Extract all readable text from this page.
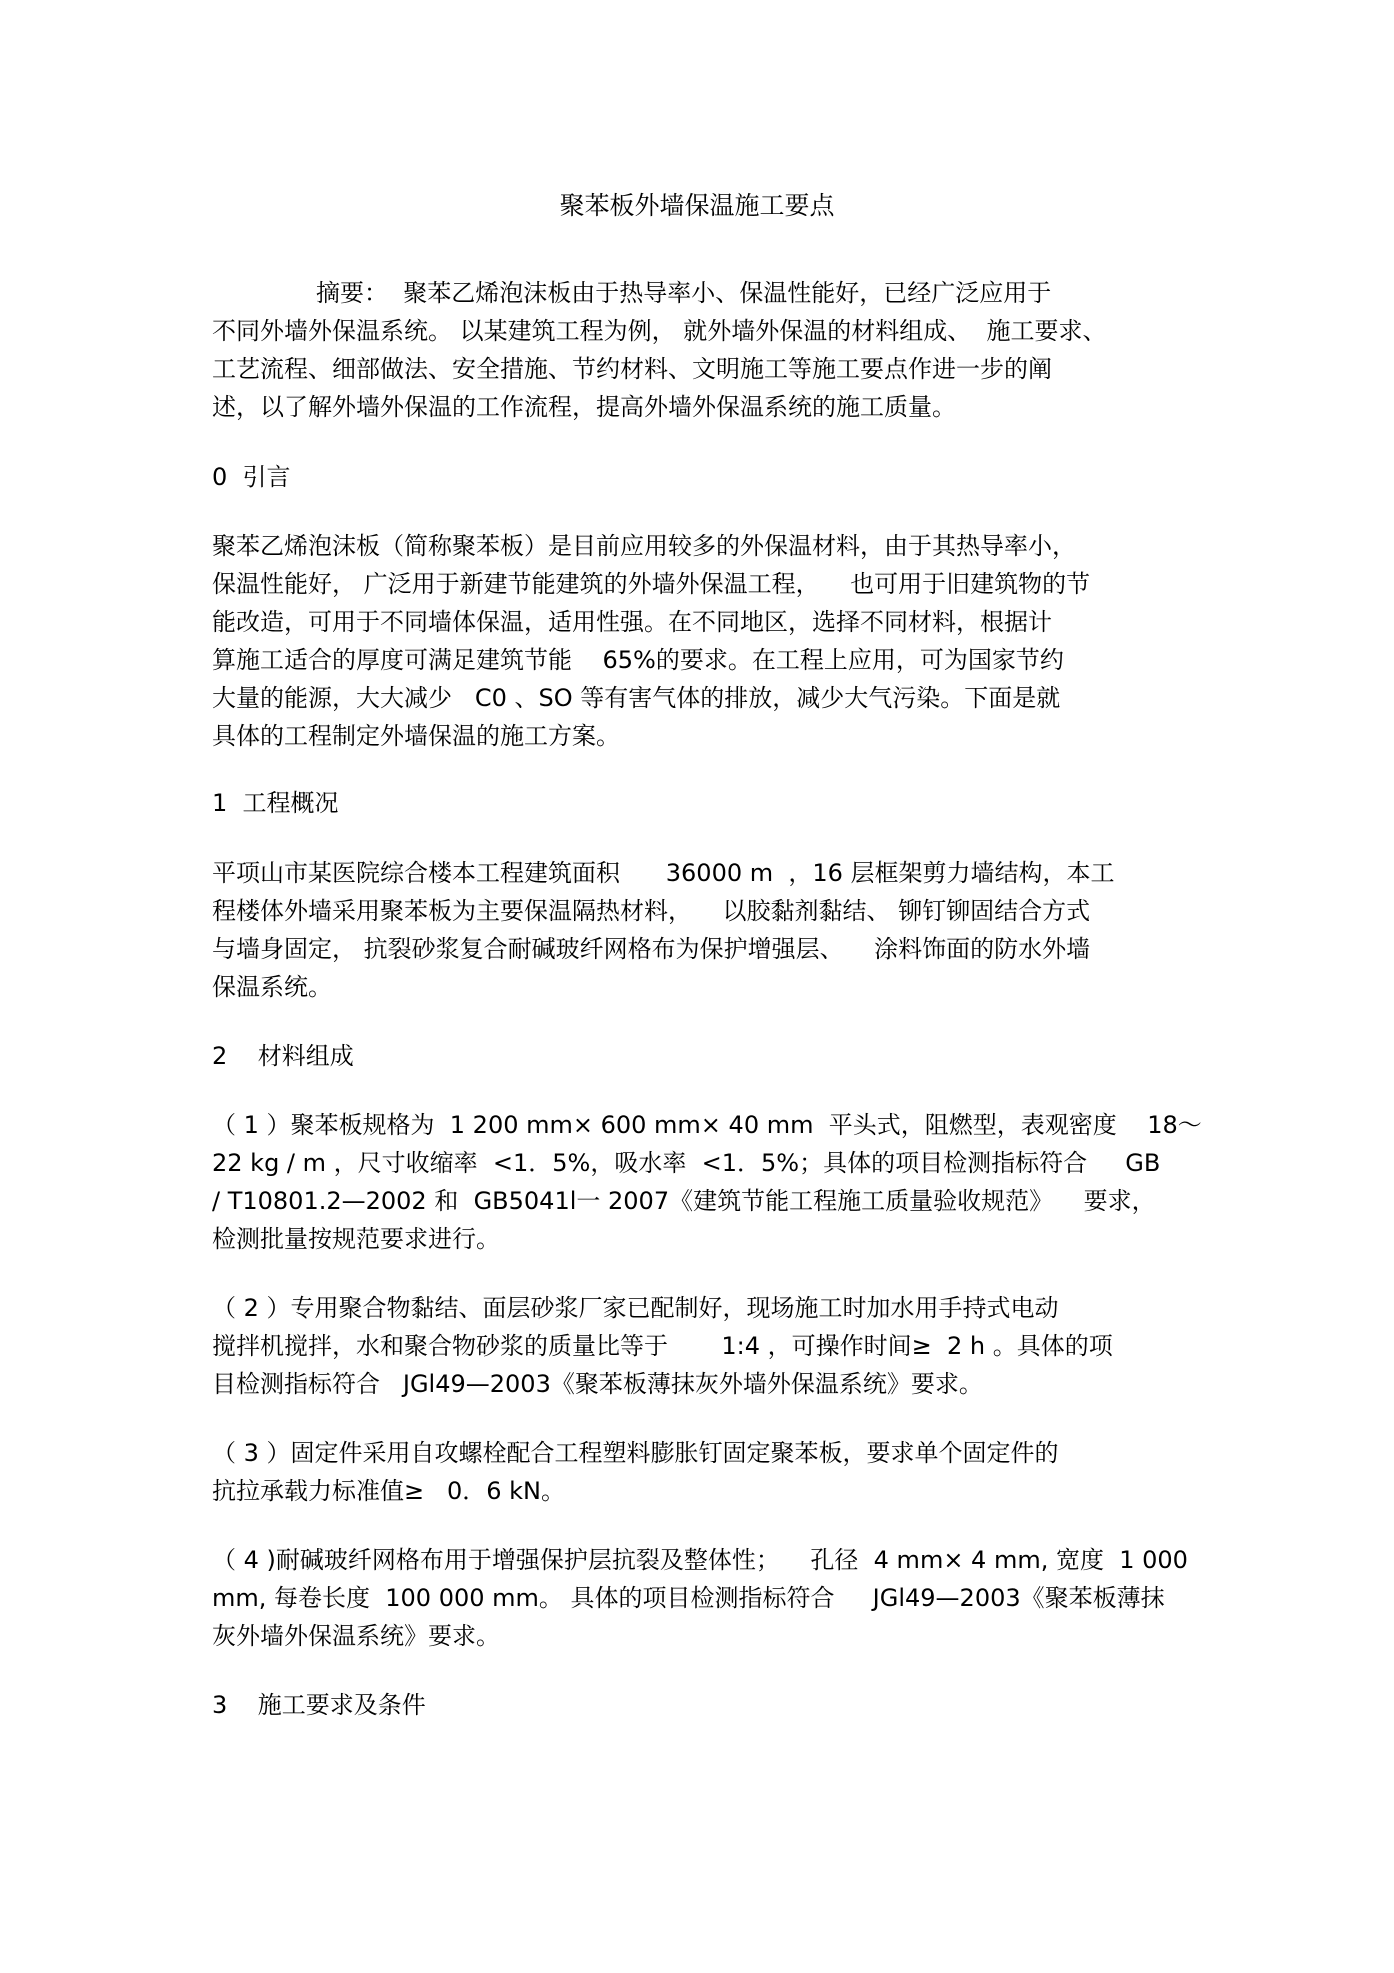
聚苯板外墙保温施工要点
摘要：  聚苯乙烯泡沫板由于热导率小、保温性能好，已经广泛应用于
不同外墙外保温系统。 以某建筑工程为例， 就外墙外保温的材料组成、  施工要求、
工艺流程、细部做法、安全措施、节约材料、文明施工等施工要点作进一步的阐
述，以了解外墙外保温的工作流程，提高外墙外保温系统的施工质量。
0  引言
聚苯乙烯泡沫板（简称聚苯板）是目前应用较多的外保温材料，由于其热导率小，
保温性能好， 广泛用于新建节能建筑的外墙外保温工程，    也可用于旧建筑物的节
能改造，可用于不同墙体保温，适用性强。在不同地区，选择不同材料，根据计
算施工适合的厚度可满足建筑节能    65%的要求。在工程上应用，可为国家节约
大量的能源，大大减少   C0 、SO 等有害气体的排放，减少大气污染。下面是就
具体的工程制定外墙保温的施工方案。
1  工程概况
平项山市某医院综合楼本工程建筑面积      36000 m  ，16 层框架剪力墙结构，本工
程楼体外墙采用聚苯板为主要保温隔热材料，    以胶黏剂黏结、 铆钉铆固结合方式
与墙身固定， 抗裂砂浆复合耐碱玻纤网格布为保护增强层、    涂料饰面的防水外墙
保温系统。
2    材料组成
（ 1 ）聚苯板规格为  1 200 mm× 600 mm× 40 mm  平头式，阻燃型，表观密度    18～
22 kg / m ，尺寸收缩率  <1．5%，吸水率  <1．5%；具体的项目检测指标符合     GB
/ T10801.2—2002 和  GB5041l一 2007《建筑节能工程施工质量验收规范》    要求，
检测批量按规范要求进行。
（ 2 ）专用聚合物黏结、面层砂浆厂家已配制好，现场施工时加水用手持式电动
搅拌机搅拌，水和聚合物砂浆的质量比等于       1:4 ，可操作时间≥  2 h 。具体的项
目检测指标符合   JGl49—2003《聚苯板薄抹灰外墙外保温系统》要求。
（ 3 ）固定件采用自攻螺栓配合工程塑料膨胀钉固定聚苯板，要求单个固定件的
抗拉承载力标准值≥   0．6 kN。
（ 4 )耐碱玻纤网格布用于增强保护层抗裂及整体性；    孔径  4 mm× 4 mm, 宽度  1 000
mm, 每卷长度  100 000 mm。 具体的项目检测指标符合     JGl49—2003《聚苯板薄抹
灰外墙外保温系统》要求。
3    施工要求及条件
